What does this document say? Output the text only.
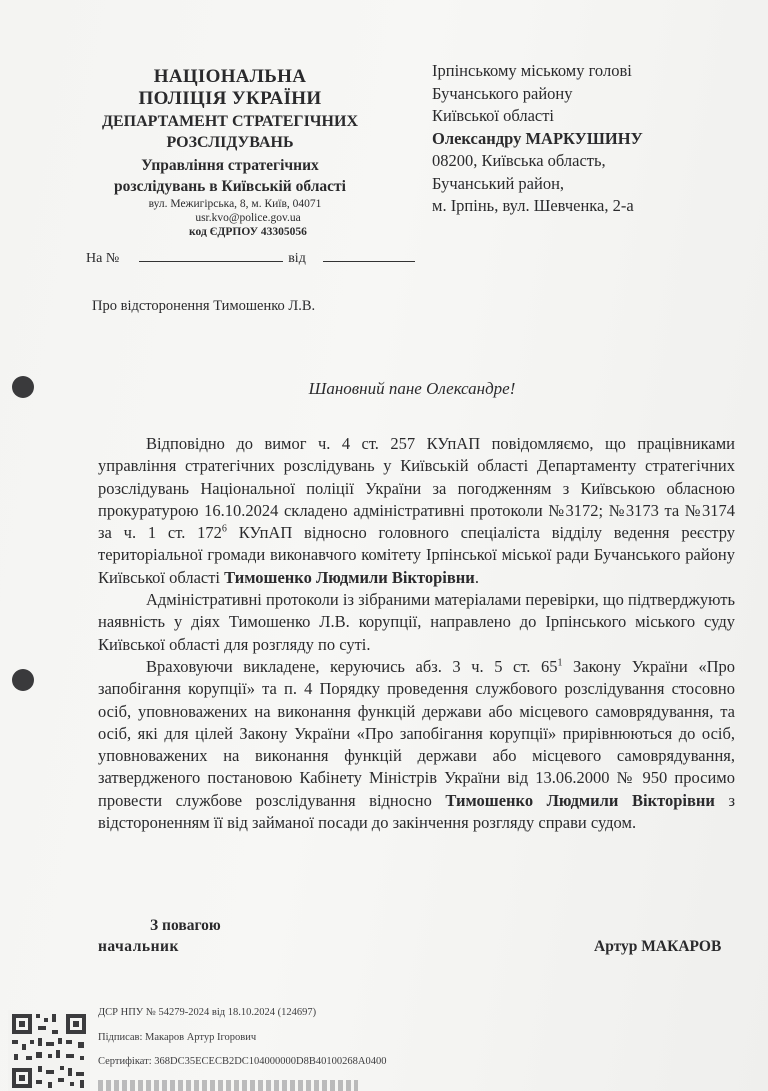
НАЦІОНАЛЬНА
ПОЛІЦІЯ УКРАЇНИ
ДЕПАРТАМЕНТ СТРАТЕГІЧНИХ
РОЗСЛІДУВАНЬ
Управління стратегічних
розслідувань в Київській області
вул. Межигірська, 8, м. Київ, 04071
usr.kvo@police.gov.ua
код ЄДРПОУ 43305056
На №	від
Ірпінському міському голові
Бучанського району
Київської області
Олександру МАРКУШИНУ
08200, Київська область,
Бучанський район,
м. Ірпінь, вул. Шевченка, 2-а
Про відсторонення Тимошенко Л.В.
Шановний пане Олександре!

Відповідно до вимог ч. 4 ст. 257 КУпАП повідомляємо, що працівниками управління стратегічних розслідувань у Київській області Департаменту стратегічних розслідувань Національної поліції України за погодженням з Київською обласною прокуратурою 16.10.2024 складено адміністративні протоколи №3172; №3173 та №3174 за ч. 1 ст. $172^6$ КУпАП відносно головного спеціаліста відділу ведення реєстру територіальної громади виконавчого комітету Ірпінської міської ради Бучанського району Київської області Тимошенко Людмили Вікторівни.

Адміністративні протоколи із зібраними матеріалами перевірки, що підтверджують наявність у діях Тимошенко Л.В. корупції, направлено до Ірпінського міського суду Київської області для розгляду по суті.

Враховуючи викладене, керуючись абз. 3 ч. 5 ст. $65^1$ Закону України «Про запобігання корупції» та п. 4 Порядку проведення службового розслідування стосовно осіб, уповноважених на виконання функцій держави або місцевого самоврядування, та осіб, які для цілей Закону України «Про запобігання корупції» прирівнюються до осіб, уповноважених на виконання функцій держави або місцевого самоврядування, затвердженого постановою Кабінету Міністрів України від 13.06.2000 № 950 просимо провести службове розслідування відносно Тимошенко Людмили Вікторівни з відстороненням її від займаної посади до закінчення розгляду справи судом.

З повагою
начальник	Артур МАКАРОВ
ДСР НПУ № 54279-2024 від 18.10.2024 (124697)
Підписав: Макаров Артур Ігорович
Сертифікат: 368DC35ECECB2DC104000000D8B40100268A0400
